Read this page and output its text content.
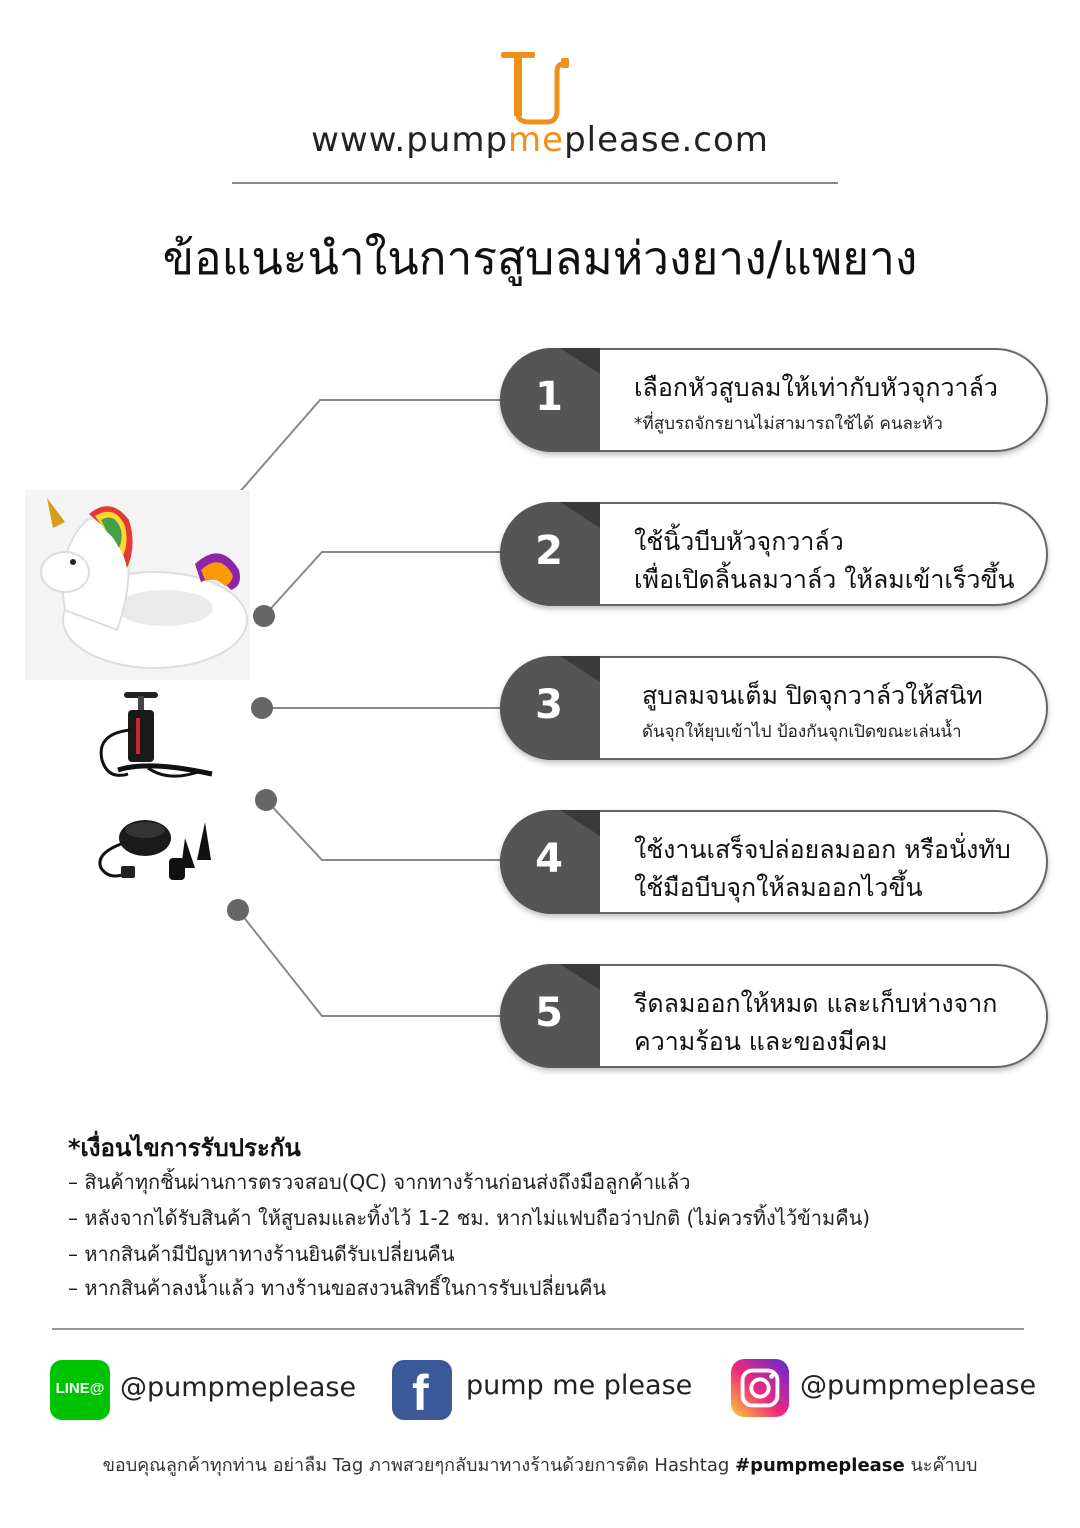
www.pumpmeplease.com
ข้อแนะนำในการสูบลมห่วงยาง/แพยาง
1	เลือกหัวสูบลมให้เท่ากับหัวจุกวาล์ว
*ที่สูบรถจักรยานไม่สามารถใช้ได้ คนละหัว
2	ใช้นิ้วบีบหัวจุกวาล์ว
เพื่อเปิดลิ้นลมวาล์ว ให้ลมเข้าเร็วขึ้น
3	สูบลมจนเต็ม ปิดจุกวาล์วให้สนิท
ดันจุกให้ยุบเข้าไป ป้องกันจุกเปิดขณะเล่นน้ำ
4	ใช้งานเสร็จปล่อยลมออก หรือนั่งทับ
ใช้มือบีบจุกให้ลมออกไวขึ้น
5	รีดลมออกให้หมด และเก็บห่างจาก
ความร้อน และของมีคม
*เงื่อนไขการรับประกัน
– สินค้าทุกชิ้นผ่านการตรวจสอบ(QC) จากทางร้านก่อนส่งถึงมือลูกค้าแล้ว
– หลังจากได้รับสินค้า ให้สูบลมและทิ้งไว้ 1-2 ชม. หากไม่แฟบถือว่าปกติ (ไม่ควรทิ้งไว้ข้ามคืน)
– หากสินค้ามีปัญหาทางร้านยินดีรับเปลี่ยนคืน
– หากสินค้าลงน้ำแล้ว ทางร้านขอสงวนสิทธิ์ในการรับเปลี่ยนคืน
LINE@ @pumpmeplease f pump me please	@pumpmeplease
ขอบคุณลูกค้าทุกท่าน อย่าลืม Tag ภาพสวยๆกลับมาทางร้านด้วยการติด Hashtag #pumpmeplease นะค๊าบบ
